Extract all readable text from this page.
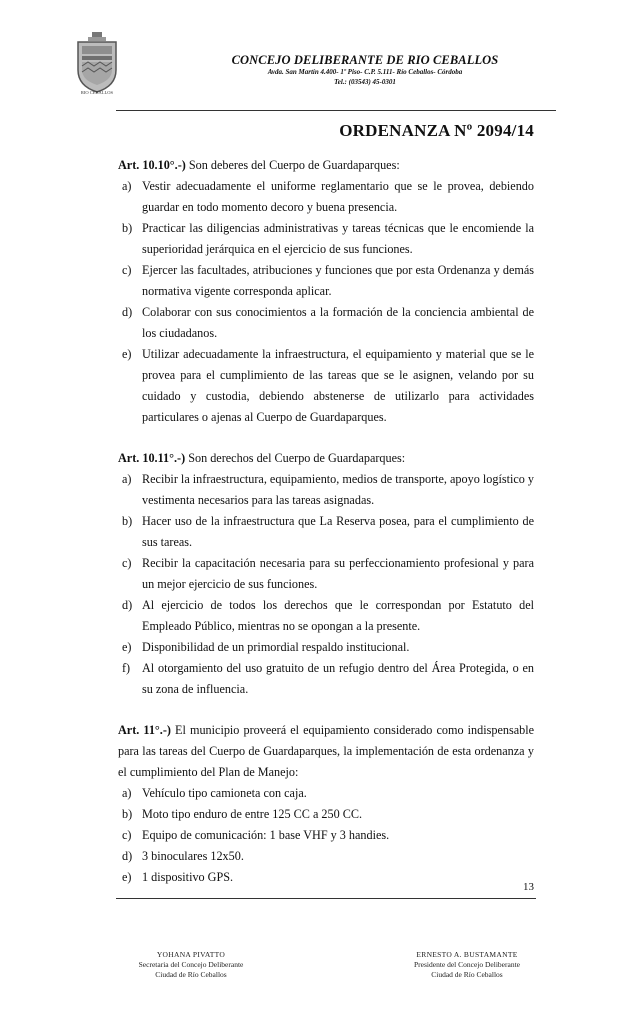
RIO CEBALLOS
CONCEJO DELIBERANTE DE RIO CEBALLOS
Avda. San Martín 4.400- 1º Piso- C.P. 5.111- Río Ceballos- Córdoba
Tel.: (03543) 45-0301
ORDENANZA Nº 2094/14

Art. 10.10°.-) Son deberes del Cuerpo de Guardaparques:

a) Vestir adecuadamente el uniforme reglamentario que se le provea, debiendo guardar en todo momento decoro y buena presencia.
b) Practicar las diligencias administrativas y tareas técnicas que le encomiende la superioridad jerárquica en el ejercicio de sus funciones.
c) Ejercer las facultades, atribuciones y funciones que por esta Ordenanza y demás normativa vigente corresponda aplicar.
d) Colaborar con sus conocimientos a la formación de la conciencia ambiental de los ciudadanos.
e) Utilizar adecuadamente la infraestructura, el equipamiento y material que se le provea para el cumplimiento de las tareas que se le asignen, velando por su cuidado y custodia, debiendo abstenerse de utilizarlo para actividades particulares o ajenas al Cuerpo de Guardaparques.

Art. 10.11°.-) Son derechos del Cuerpo de Guardaparques:

a) Recibir la infraestructura, equipamiento, medios de transporte, apoyo logístico y vestimenta necesarios para las tareas asignadas.
b) Hacer uso de la infraestructura que La Reserva posea, para el cumplimiento de sus tareas.
c) Recibir la capacitación necesaria para su perfeccionamiento profesional y para un mejor ejercicio de sus funciones.
d) Al ejercicio de todos los derechos que le correspondan por Estatuto del Empleado Público, mientras no se opongan a la presente.
e) Disponibilidad de un primordial respaldo institucional.
f) Al otorgamiento del uso gratuito de un refugio dentro del Área Protegida, o en su zona de influencia.

Art. 11°.-) El municipio proveerá el equipamiento considerado como indispensable para las tareas del Cuerpo de Guardaparques, la implementación de esta ordenanza y el cumplimiento del Plan de Manejo:

a) Vehículo tipo camioneta con caja.
b) Moto tipo enduro de entre 125 CC a 250 CC.
c) Equipo de comunicación: 1 base VHF y 3 handies.
d) 3 binoculares 12x50.
e) 1 dispositivo GPS.
13
YOHANA PIVATTO
Secretaria del Concejo Deliberante
Ciudad de Río Ceballos
ERNESTO A. BUSTAMANTE
Presidente del Concejo Deliberante
Ciudad de Río Ceballos
